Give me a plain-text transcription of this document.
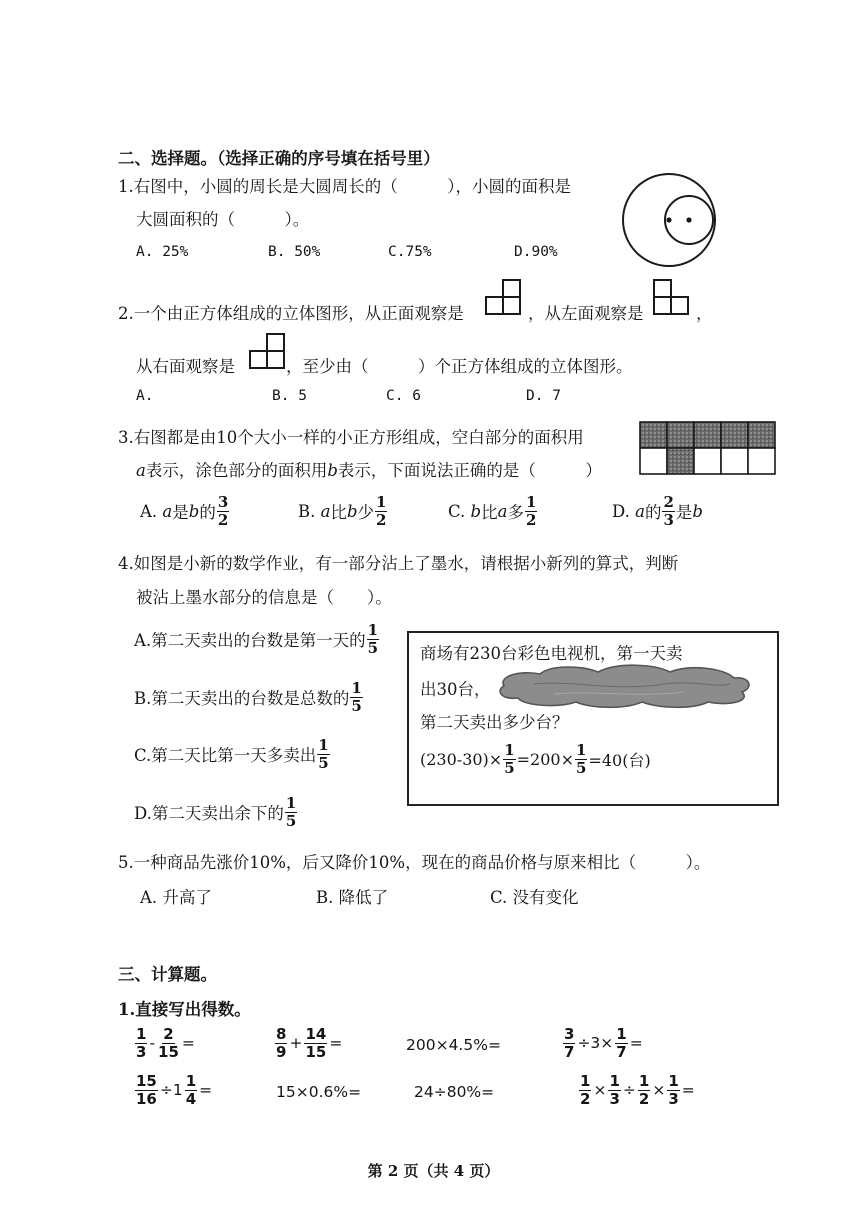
二、选择题。（选择正确的序号填在括号里）
1.右图中，小圆的周长是大圆周长的（　　　），小圆的面积是
大圆面积的（　　　）。
A. 25%	B. 50%	C.75%	D.90%
2.一个由正方体组成的立体图形，从正面观察是	，从左面观察是	，
从右面观察是	，至少由（　　　）个正方体组成的立体图形。
A.	B. 5	C. 6	D. 7
3.右图都是由10个大小一样的小正方形组成，空白部分的面积用
a表示，涂色部分的面积用b表示，下面说法正确的是（　　　）
A.
a 是 b 的 $\frac{3}{2}$	B.
a 比 b 少 $\frac{1}{2}$	C.
b 比 a 多 $\frac{1}{2}$	D.
a 的 $\frac{2}{3}$ 是 b
4.如图是小新的数学作业，有一部分沾上了墨水，请根据小新列的算式，判断
被沾上墨水部分的信息是（　　）。
A.第二天卖出的台数是第一天的 $\frac{1}{5}$
B.第二天卖出的台数是总数的 $\frac{1}{5}$
C.第二天比第一天多卖出 $\frac{1}{5}$
D.第二天卖出余下的 $\frac{1}{5}$
商场有230台彩色电视机，第一天卖
出30台，
第二天卖出多少台？
$(230-30)\times \frac{1}{5} =200\times \frac{1}{5} =40$(台)
5.一种商品先涨价10%，后又降价10%，现在的商品价格与原来相比（　　　）。
A. 升高了	B. 降低了	C. 没有变化
三、计算题。
1.直接写出得数。
$\frac{1}{3} - \frac{2}{15}$ =	$\frac{8}{9} + \frac{14}{15}$ =	200×4.5%=	$\frac{3}{7} \div 3\times \frac{1}{7}$ =
$\frac{15}{16} \div 1 \frac{1}{4}$ =	15×0.6%=	24÷80%=	$\frac{1}{2} \times \frac{1}{3} \div \frac{1}{2} \times \frac{1}{3}$ =
第 2 页（共 4 页）
